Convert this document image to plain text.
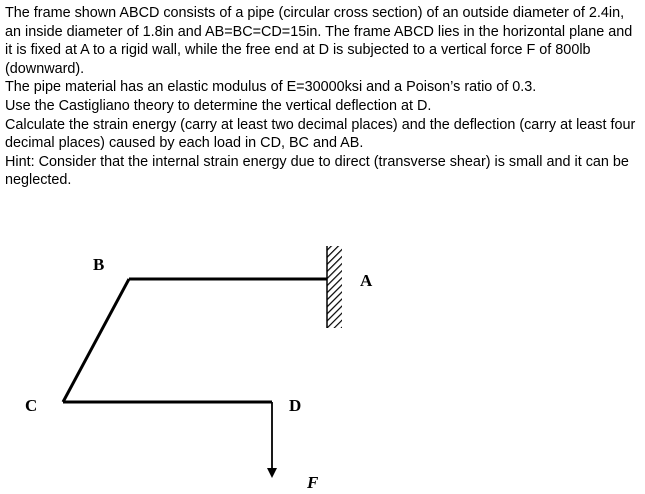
The frame shown ABCD consists of a pipe (circular cross section) of an outside diameter of 2.4in, an inside diameter of 1.8in and AB=BC=CD=15in. The frame ABCD lies in the horizontal plane and it is fixed at A to a rigid wall, while the free end at D is subjected to a vertical force F of 800lb (downward).

The pipe material has an elastic modulus of E=30000ksi and a Poison’s ratio of 0.3.

Use the Castigliano theory to determine the vertical deflection at D.

Calculate the strain energy (carry at least two decimal places) and the deflection (carry at least four decimal places) caused by each load in CD, BC and AB.

Hint: Consider that the internal strain energy due to direct (transverse shear) is small and it can be neglected.

B
A
C	D
F
